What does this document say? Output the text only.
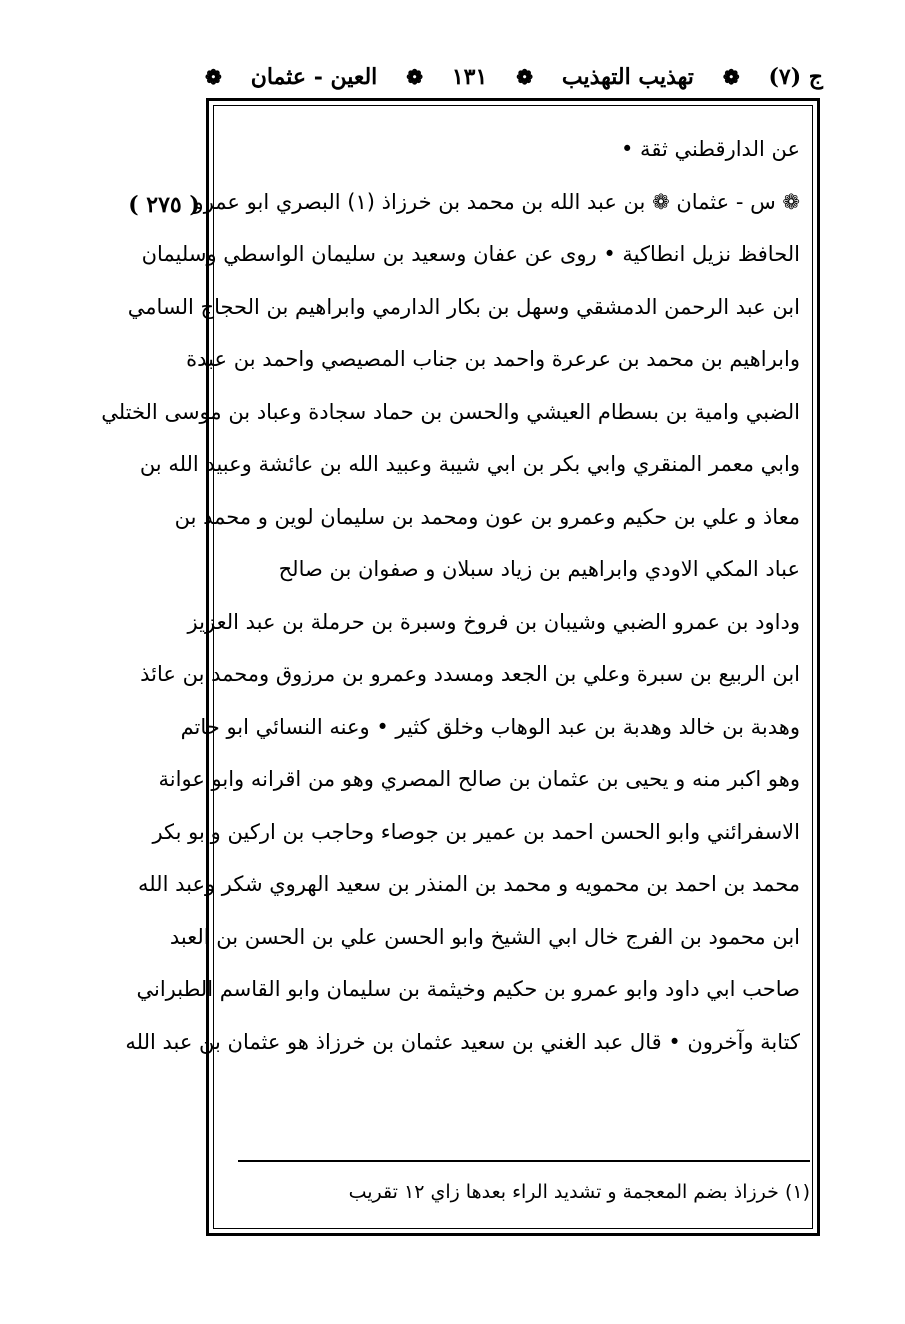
ج (٧)
❁
تهذيب التهذيب
❁
١٣١
❁
العين - عثمان
❁
( ٢٧٥ )
عن الدارقطني ثقة •
❁ س - عثمان ❁ بن عبد الله بن محمد بن خرزاذ (١) البصري ابو عمرو
الحافظ نزيل انطاكية • روى عن عفان وسعيد بن سليمان الواسطي وسليمان
ابن عبد الرحمن الدمشقي وسهل بن بكار الدارمي وابراهيم بن الحجاج السامي
وابراهيم بن محمد بن عرعرة واحمد بن جناب المصيصي واحمد بن عبدة
الضبي وامية بن بسطام العيشي والحسن بن حماد سجادة وعباد بن موسى الختلي
وابي معمر المنقري وابي بكر بن ابي شيبة وعبيد الله بن عائشة وعبيد الله بن
معاذ و علي بن حكيم وعمرو بن عون ومحمد بن سليمان لوين و محمد بن
عباد المكي الاودي وابراهيم بن زياد سبلان و صفوان بن صالح
وداود بن عمرو الضبي وشيبان بن فروخ وسبرة بن حرملة بن عبد العزيز
ابن الربيع بن سبرة وعلي بن الجعد ومسدد وعمرو بن مرزوق ومحمد بن عائذ
وهدبة بن خالد وهدبة بن عبد الوهاب وخلق كثير • وعنه النسائي ابو حاتم
وهو اكبر منه و يحيى بن عثمان بن صالح المصري وهو من اقرانه وابو عوانة
الاسفرائني وابو الحسن احمد بن عمير بن جوصاء وحاجب بن اركين وابو بكر
محمد بن احمد بن محمويه و محمد بن المنذر بن سعيد الهروي شكر وعبد الله
ابن محمود بن الفرج خال ابي الشيخ وابو الحسن علي بن الحسن بن العبد
صاحب ابي داود وابو عمرو بن حكيم وخيثمة بن سليمان وابو القاسم الطبراني
كتابة وآخرون • قال عبد الغني بن سعيد عثمان بن خرزاذ هو عثمان بن عبد الله
(١) خرزاذ بضم المعجمة و تشديد الراء بعدها زاي ١٢ تقريب
